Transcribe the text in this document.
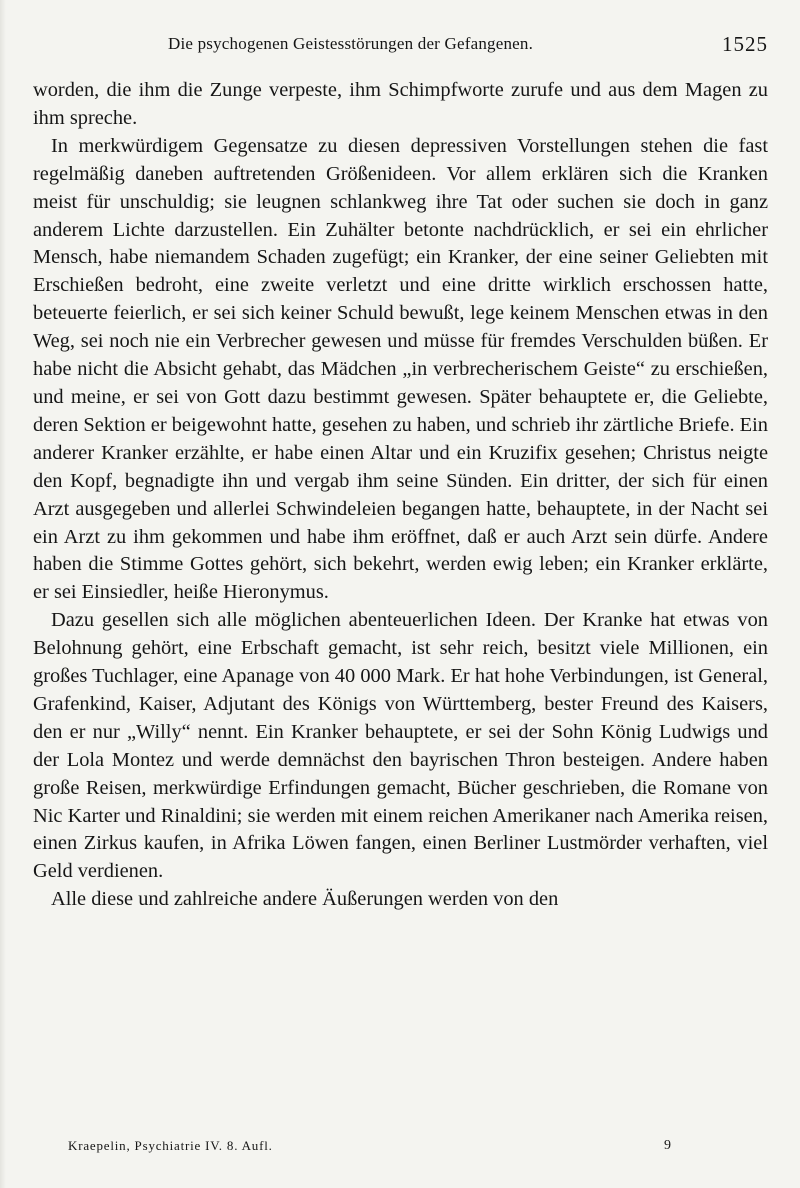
Die psychogenen Geistesstörungen der Gefangenen.	1525

worden, die ihm die Zunge verpeste, ihm Schimpfworte zurufe und aus dem Magen zu ihm spreche.

In merkwürdigem Gegensatze zu diesen depressiven Vorstellungen stehen die fast regelmäßig daneben auftretenden Größenideen. Vor allem erklären sich die Kranken meist für unschuldig; sie leugnen schlankweg ihre Tat oder suchen sie doch in ganz anderem Lichte darzustellen. Ein Zuhälter betonte nachdrücklich, er sei ein ehrlicher Mensch, habe niemandem Schaden zugefügt; ein Kranker, der eine seiner Geliebten mit Erschießen bedroht, eine zweite verletzt und eine dritte wirklich erschossen hatte, beteuerte feierlich, er sei sich keiner Schuld bewußt, lege keinem Menschen etwas in den Weg, sei noch nie ein Verbrecher gewesen und müsse für fremdes Verschulden büßen. Er habe nicht die Absicht gehabt, das Mädchen „in verbrecherischem Geiste“ zu erschießen, und meine, er sei von Gott dazu bestimmt gewesen. Später behauptete er, die Geliebte, deren Sektion er beigewohnt hatte, gesehen zu haben, und schrieb ihr zärtliche Briefe. Ein anderer Kranker erzählte, er habe einen Altar und ein Kruzifix gesehen; Christus neigte den Kopf, begnadigte ihn und vergab ihm seine Sünden. Ein dritter, der sich für einen Arzt ausgegeben und allerlei Schwindeleien begangen hatte, behauptete, in der Nacht sei ein Arzt zu ihm gekommen und habe ihm eröffnet, daß er auch Arzt sein dürfe. Andere haben die Stimme Gottes gehört, sich bekehrt, werden ewig leben; ein Kranker erklärte, er sei Einsiedler, heiße Hieronymus.

Dazu gesellen sich alle möglichen abenteuerlichen Ideen. Der Kranke hat etwas von Belohnung gehört, eine Erbschaft gemacht, ist sehr reich, besitzt viele Millionen, ein großes Tuchlager, eine Apanage von 40 000 Mark. Er hat hohe Verbindungen, ist General, Grafenkind, Kaiser, Adjutant des Königs von Württemberg, bester Freund des Kaisers, den er nur „Willy“ nennt. Ein Kranker behauptete, er sei der Sohn König Ludwigs und der Lola Montez und werde demnächst den bayrischen Thron besteigen. Andere haben große Reisen, merkwürdige Erfindungen gemacht, Bücher geschrieben, die Romane von Nic Karter und Rinaldini; sie werden mit einem reichen Amerikaner nach Amerika reisen, einen Zirkus kaufen, in Afrika Löwen fangen, einen Berliner Lustmörder verhaften, viel Geld verdienen.

Alle diese und zahlreiche andere Äußerungen werden von den

Kraepelin, Psychiatrie IV. 8. Aufl.	9
